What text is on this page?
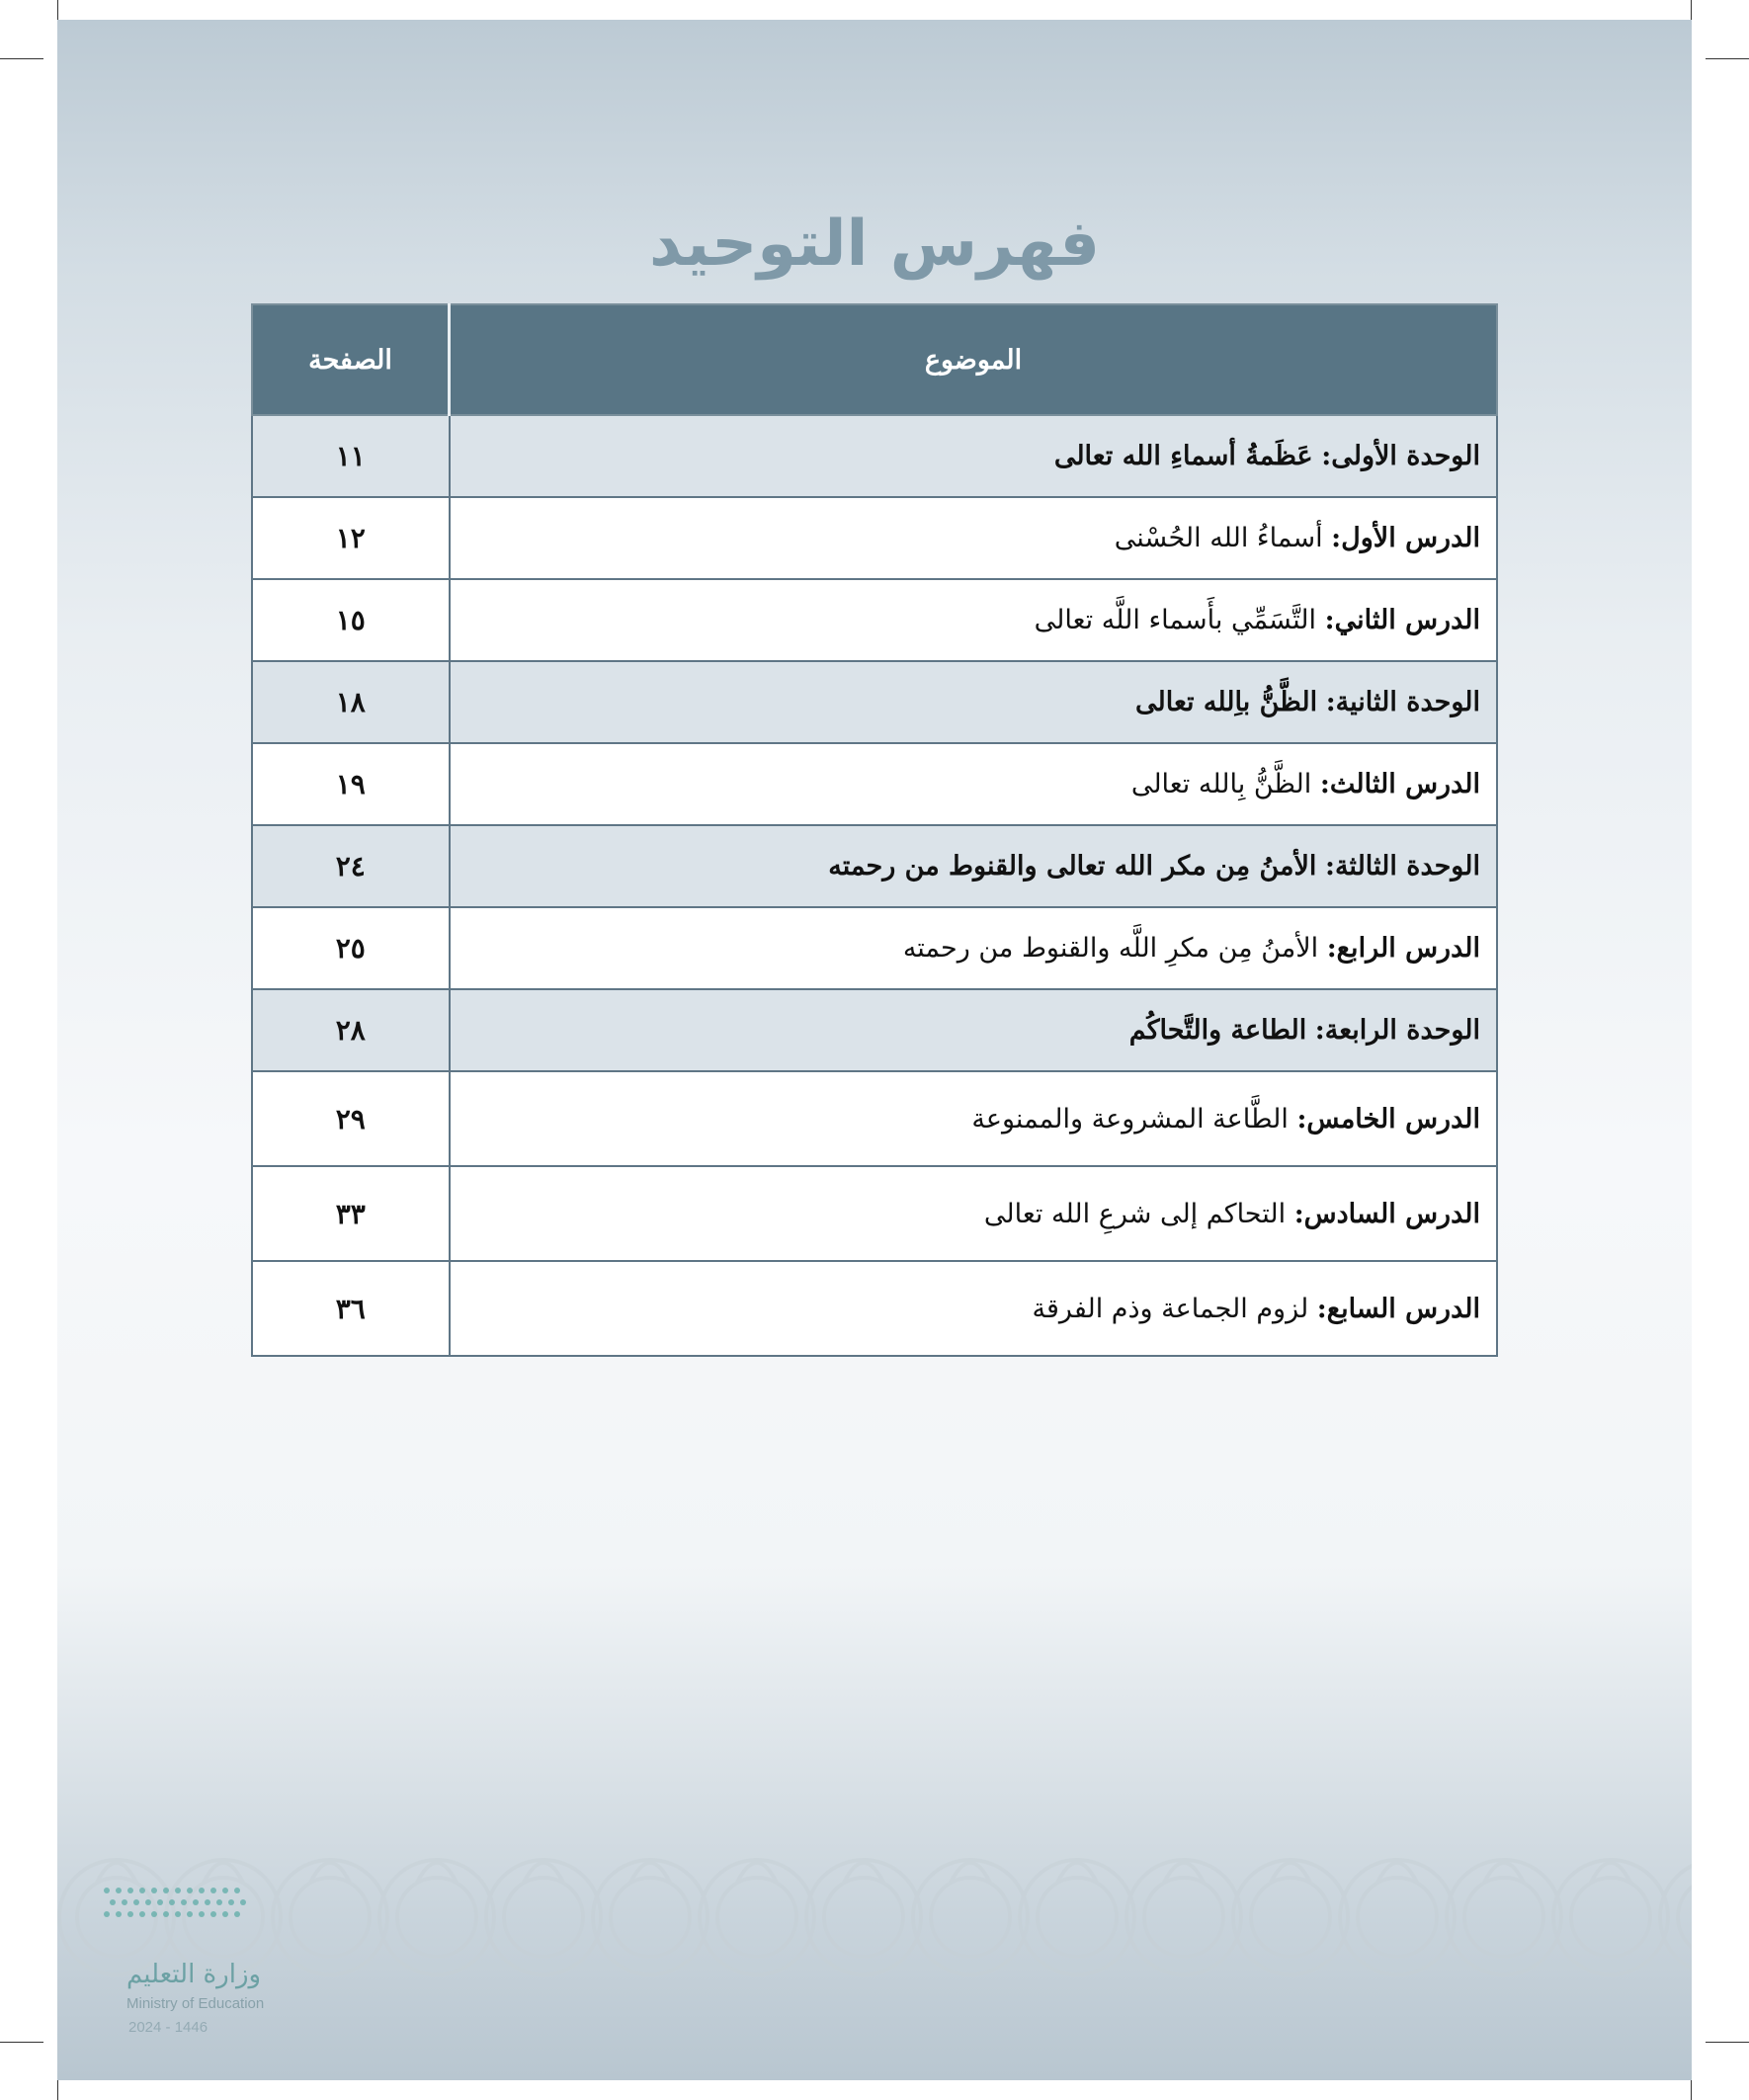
فهرس التوحيد
الموضوع	الصفحة
الوحدة الأولى: عَظَمةُ أسماءِ الله تعالى	١١
الدرس الأول: أسماءُ الله الحُسْنى	١٢
الدرس الثاني: التَّسَمِّي بأَسماء اللَّه تعالى	١٥
الوحدة الثانية: الظَّنُّ باِلله تعالى	١٨
الدرس الثالث: الظَّنُّ بِالله تعالى	١٩
الوحدة الثالثة: الأمنُ مِن مكر الله تعالى والقنوط من رحمته	٢٤
الدرس الرابع: الأمنُ مِن مكرِ اللَّه والقنوط من رحمته	٢٥
الوحدة الرابعة: الطاعة والتَّحاكُم	٢٨
الدرس الخامس: الطَّاعة المشروعة والممنوعة	٢٩
الدرس السادس: التحاكم إلى شرعِ الله تعالى	٣٣
الدرس السابع: لزوم الجماعة وذم الفرقة	٣٦
وزارة التعليم
Ministry of Education
2024 - 1446
